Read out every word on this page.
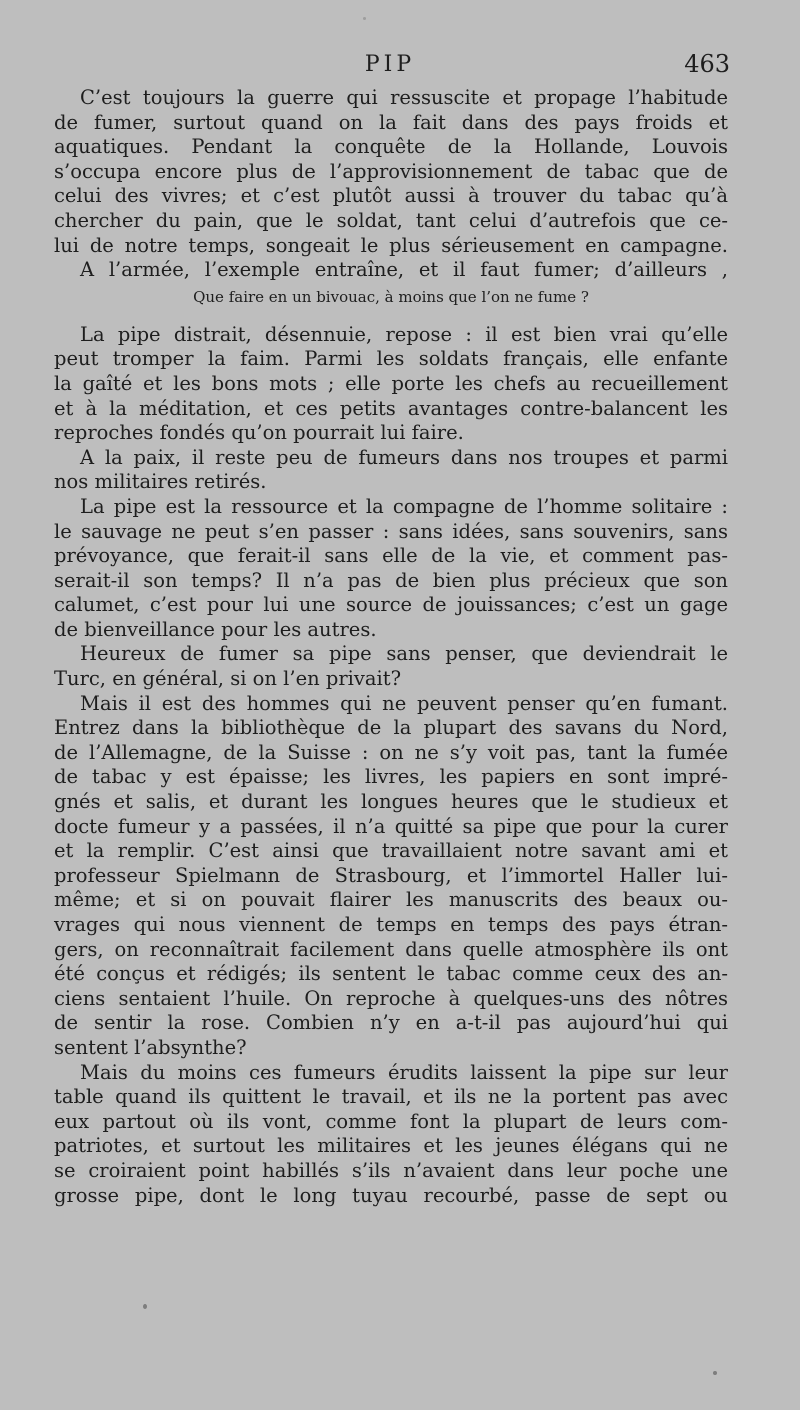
PIP	463
C’est toujours la guerre qui ressuscite et propage l’habitude
de fumer, surtout quand on la fait dans des pays froids et
aquatiques. Pendant la conquête de la Hollande, Louvois
s’occupa encore plus de l’approvisionnement de tabac que de
celui des vivres; et c’est plutôt aussi à trouver du tabac qu’à
chercher du pain, que le soldat, tant celui d’autrefois que ce-
lui de notre temps, songeait le plus sérieusement en campagne.
A l’armée, l’exemple entraîne, et il faut fumer; d’ailleurs ,
Que faire en un bivouac, à moins que l’on ne fume ?
La pipe distrait, désennuie, repose : il est bien vrai qu’elle
peut tromper la faim. Parmi les soldats français, elle enfante
la gaîté et les bons mots ; elle porte les chefs au recueillement
et à la méditation, et ces petits avantages contre-balancent les
reproches fondés qu’on pourrait lui faire.
A la paix, il reste peu de fumeurs dans nos troupes et parmi
nos militaires retirés.
La pipe est la ressource et la compagne de l’homme solitaire :
le sauvage ne peut s’en passer : sans idées, sans souvenirs, sans
prévoyance, que ferait-il sans elle de la vie, et comment pas-
serait-il son temps? Il n’a pas de bien plus précieux que son
calumet, c’est pour lui une source de jouissances; c’est un gage
de bienveillance pour les autres.
Heureux de fumer sa pipe sans penser, que deviendrait le
Turc, en général, si on l’en privait?
Mais il est des hommes qui ne peuvent penser qu’en fumant.
Entrez dans la bibliothèque de la plupart des savans du Nord,
de l’Allemagne, de la Suisse : on ne s’y voit pas, tant la fumée
de tabac y est épaisse; les livres, les papiers en sont impré-
gnés et salis, et durant les longues heures que le studieux et
docte fumeur y a passées, il n’a quitté sa pipe que pour la curer
et la remplir. C’est ainsi que travaillaient notre savant ami et
professeur Spielmann de Strasbourg, et l’immortel Haller lui-
même; et si on pouvait flairer les manuscrits des beaux ou-
vrages qui nous viennent de temps en temps des pays étran-
gers, on reconnaîtrait facilement dans quelle atmosphère ils ont
été conçus et rédigés; ils sentent le tabac comme ceux des an-
ciens sentaient l’huile. On reproche à quelques-uns des nôtres
de sentir la rose. Combien n’y en a-t-il pas aujourd’hui qui
sentent l’absynthe?
Mais du moins ces fumeurs érudits laissent la pipe sur leur
table quand ils quittent le travail, et ils ne la portent pas avec
eux partout où ils vont, comme font la plupart de leurs com-
patriotes, et surtout les militaires et les jeunes élégans qui ne
se croiraient point habillés s’ils n’avaient dans leur poche une
grosse pipe, dont le long tuyau recourbé, passe de sept ou
